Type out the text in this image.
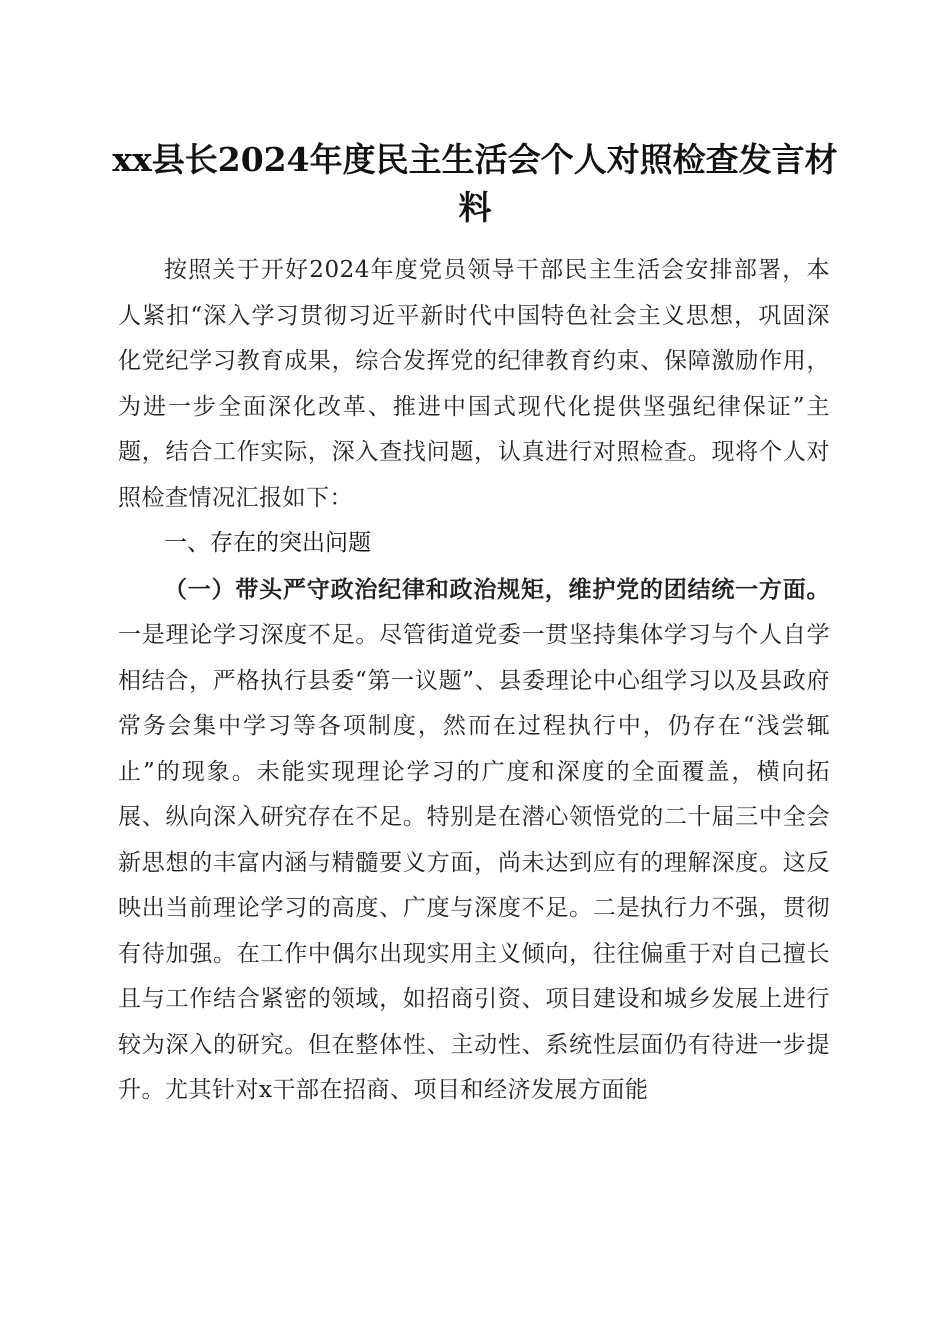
xx县长2024年度民主生活会个人对照检查发言材料

按照关于开好2024年度党员领导干部民主生活会安排部署，本人紧扣“深入学习贯彻习近平新时代中国特色社会主义思想，巩固深化党纪学习教育成果，综合发挥党的纪律教育约束、保障激励作用，为进一步全面深化改革、推进中国式现代化提供坚强纪律保证”主题，结合工作实际，深入查找问题，认真进行对照检查。现将个人对照检查情况汇报如下：

一、存在的突出问题

（一）带头严守政治纪律和政治规矩，维护党的团结统一方面。一是理论学习深度不足。尽管街道党委一贯坚持集体学习与个人自学相结合，严格执行县委“第一议题”、县委理论中心组学习以及县政府常务会集中学习等各项制度，然而在过程执行中，仍存在“浅尝辄止”的现象。未能实现理论学习的广度和深度的全面覆盖，横向拓展、纵向深入研究存在不足。特别是在潜心领悟党的二十届三中全会新思想的丰富内涵与精髓要义方面，尚未达到应有的理解深度。这反映出当前理论学习的高度、广度与深度不足。二是执行力不强，贯彻有待加强。在工作中偶尔出现实用主义倾向，往往偏重于对自己擅长且与工作结合紧密的领域，如招商引资、项目建设和城乡发展上进行较为深入的研究。但在整体性、主动性、系统性层面仍有待进一步提升。尤其针对x干部在招商、项目和经济发展方面能
